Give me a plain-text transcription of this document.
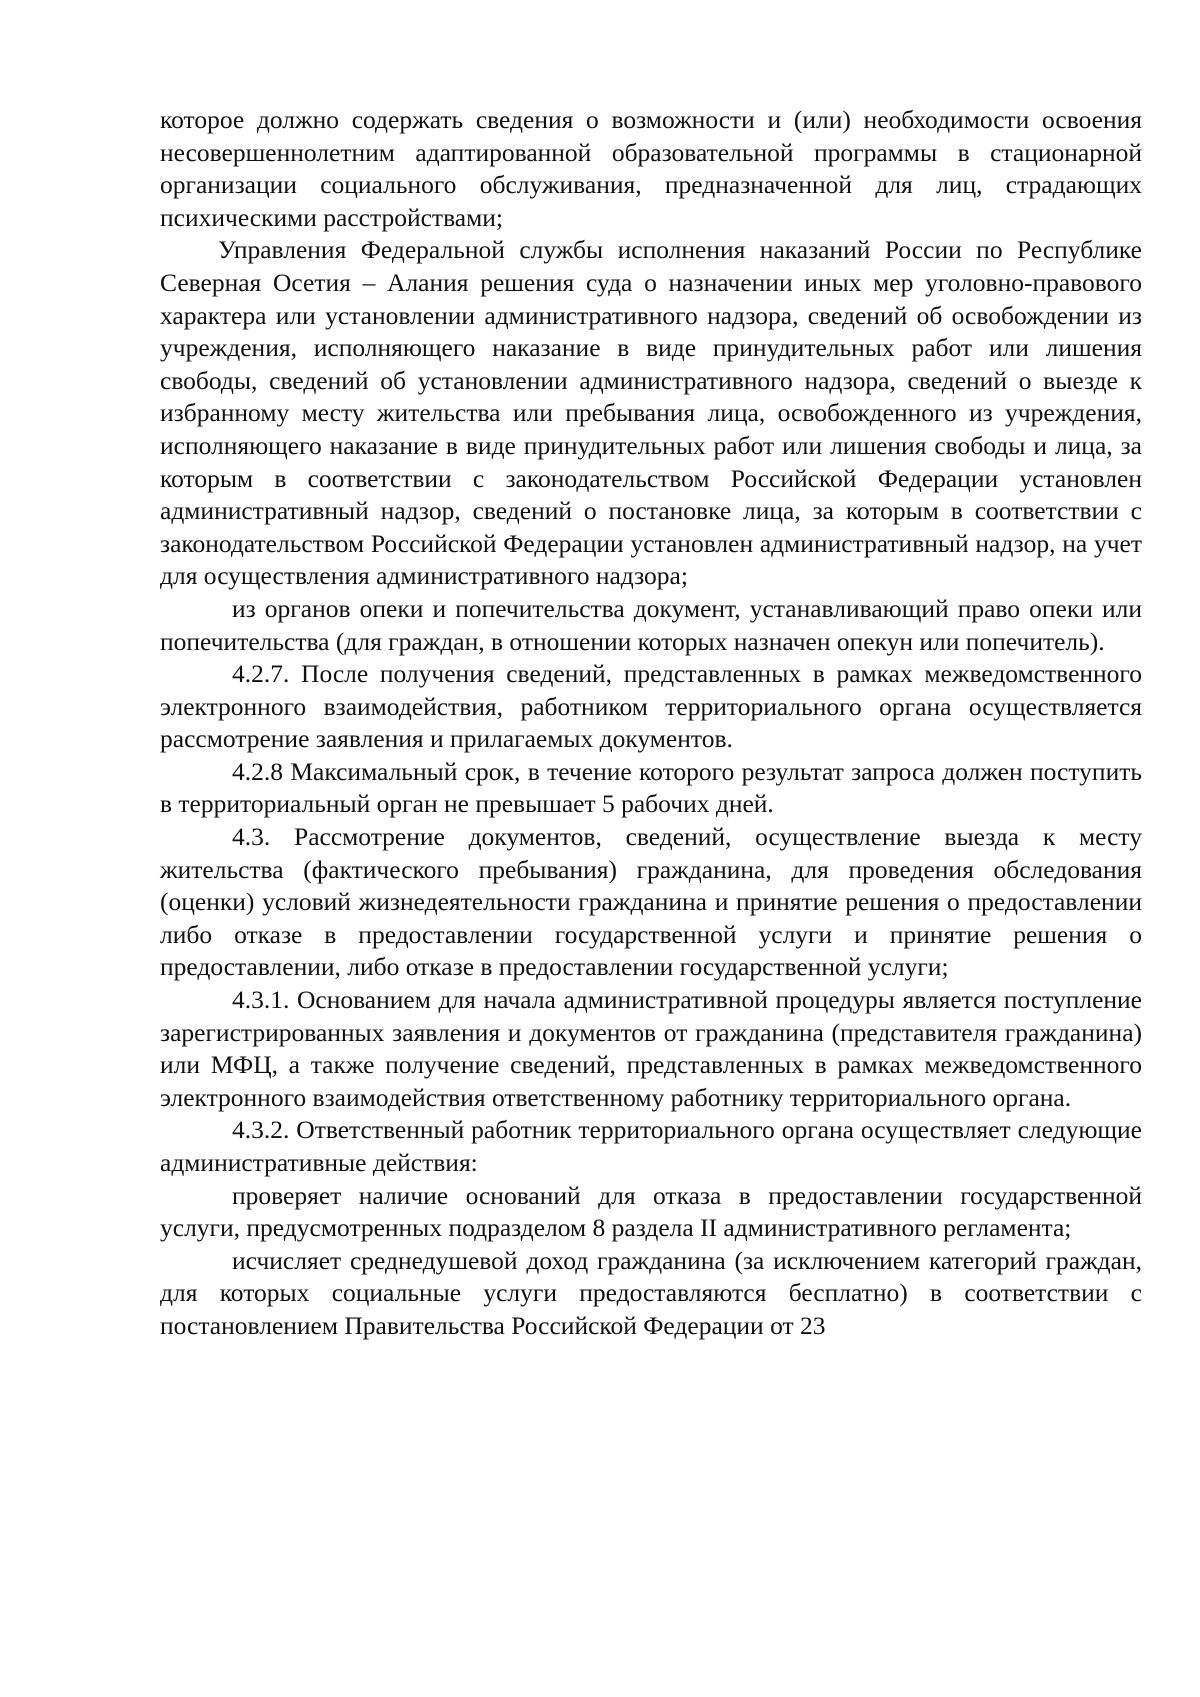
которое должно содержать сведения о возможности и (или) необходимости освоения несовершеннолетним адаптированной образовательной программы в стационарной организации социального обслуживания, предназначенной для лиц, страдающих психическими расстройствами;

Управления Федеральной службы исполнения наказаний России по Республике Северная Осетия – Алания решения суда о назначении иных мер уголовно-правового характера или установлении административного надзора, сведений об освобождении из учреждения, исполняющего наказание в виде принудительных работ или лишения свободы, сведений об установлении административного надзора, сведений о выезде к избранному месту жительства или пребывания лица, освобожденного из учреждения, исполняющего наказание в виде принудительных работ или лишения свободы и лица, за которым в соответствии с законодательством Российской Федерации установлен административный надзор, сведений о постановке лица, за которым в соответствии с законодательством Российской Федерации установлен административный надзор, на учет для осуществления административного надзора;

из органов опеки и попечительства документ, устанавливающий право опеки или попечительства (для граждан, в отношении которых назначен опекун или попечитель).

4.2.7. После получения сведений, представленных в рамках межведомственного электронного взаимодействия, работником территориального органа осуществляется рассмотрение заявления и прилагаемых документов.

4.2.8 Максимальный срок, в течение которого результат запроса должен поступить в территориальный орган не превышает 5 рабочих дней.

4.3. Рассмотрение документов, сведений, осуществление выезда к месту жительства (фактического пребывания) гражданина, для проведения обследования (оценки) условий жизнедеятельности гражданина и принятие решения о предоставлении либо отказе в предоставлении государственной услуги и принятие решения о предоставлении, либо отказе в предоставлении государственной услуги;

4.3.1. Основанием для начала административной процедуры является поступление зарегистрированных заявления и документов от гражданина (представителя гражданина) или МФЦ, а также получение сведений, представленных в рамках межведомственного электронного взаимодействия ответственному работнику территориального органа.

4.3.2. Ответственный работник территориального органа осуществляет следующие административные действия:

проверяет наличие оснований для отказа в предоставлении государственной услуги, предусмотренных подразделом 8 раздела II административного регламента;

исчисляет среднедушевой доход гражданина (за исключением категорий граждан, для которых социальные услуги предоставляются бесплатно) в соответствии с постановлением Правительства Российской Федерации от 23
